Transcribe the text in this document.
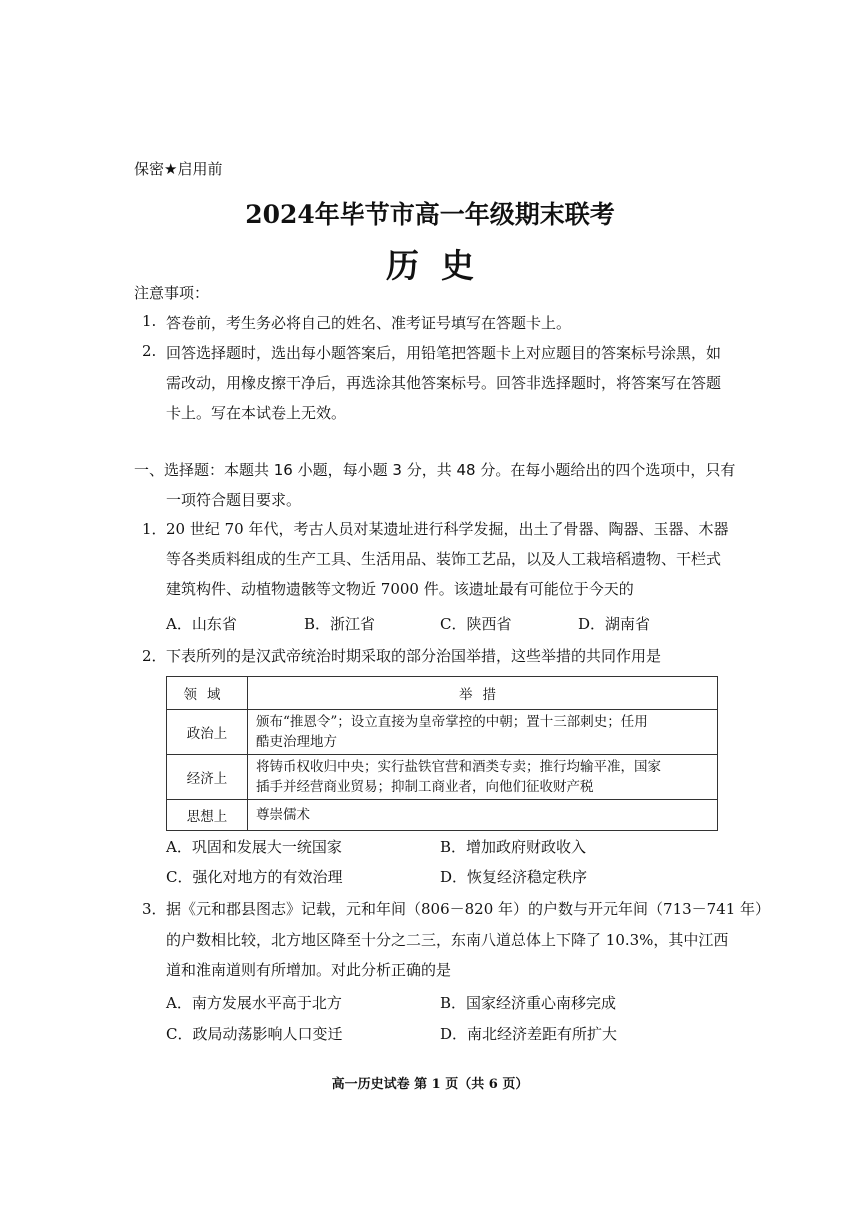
保密★启用前
2024年毕节市高一年级期末联考
历史
注意事项：
1. 答卷前，考生务必将自己的姓名、准考证号填写在答题卡上。
2. 回答选择题时，选出每小题答案后，用铅笔把答题卡上对应题目的答案标号涂黑，如
需改动，用橡皮擦干净后，再选涂其他答案标号。回答非选择题时，将答案写在答题
卡上。写在本试卷上无效。
一、选择题：本题共 16 小题，每小题 3 分，共 48 分。在每小题给出的四个选项中，只有
一项符合题目要求。
1． 20 世纪 70 年代，考古人员对某遗址进行科学发掘，出土了骨器、陶器、玉器、木器
等各类质料组成的生产工具、生活用品、装饰工艺品，以及人工栽培稻遗物、干栏式
建筑构件、动植物遗骸等文物近 7000 件。该遗址最有可能位于今天的
A．山东省	B．浙江省	C．陕西省	D．湖南省
2． 下表所列的是汉武帝统治时期采取的部分治国举措，这些举措的共同作用是
领域	举措
政治上	颁布“推恩令”；设立直接为皇帝掌控的中朝；置十三部刺史；任用
酷吏治理地方

经济上	将铸币权收归中央；实行盐铁官营和酒类专卖；推行均输平准，国家
插手并经营商业贸易；抑制工商业者，向他们征收财产税

思想上	尊崇儒术
A．巩固和发展大一统国家	B．增加政府财政收入
C．强化对地方的有效治理	D．恢复经济稳定秩序
3． 据《元和郡县图志》记载，元和年间（806－820 年）的户数与开元年间（713－741 年）
的户数相比较，北方地区降至十分之二三，东南八道总体上下降了 10.3%，其中江西
道和淮南道则有所增加。对此分析正确的是
A．南方发展水平高于北方	B．国家经济重心南移完成
C．政局动荡影响人口变迁	D．南北经济差距有所扩大
高一历史试卷 第 1 页（共 6 页）
